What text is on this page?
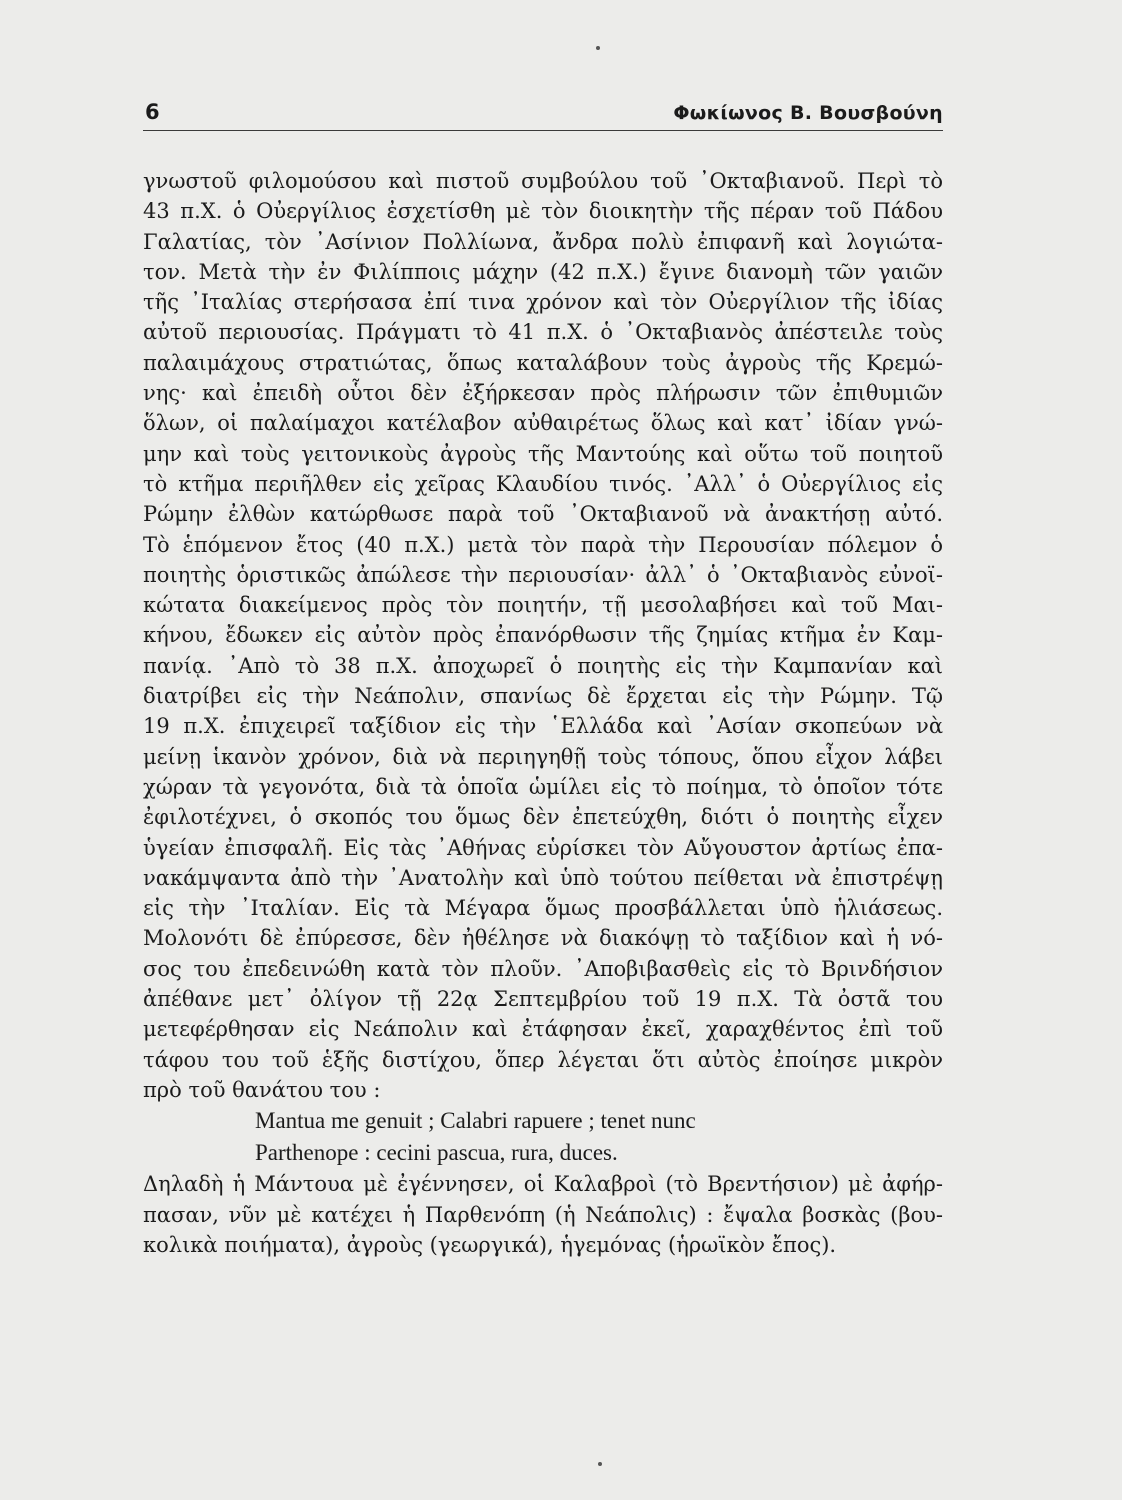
6	Φωκίωνος Β. Βουσβούνη
γνωστοῦ φιλομούσου καὶ πιστοῦ συμβούλου τοῦ ᾿Οκταβιανοῦ. Περὶ τὸ
43 π.Χ. ὁ Οὐεργίλιος ἐσχετίσθη μὲ τὸν διοικητὴν τῆς πέραν τοῦ Πάδου
Γαλατίας, τὸν ᾿Ασίνιον Πολλίωνα, ἄνδρα πολὺ ἐπιφανῆ καὶ λογιώτα-
τον. Μετὰ τὴν ἐν Φιλίπποις μάχην (42 π.Χ.) ἔγινε διανομὴ τῶν γαιῶν
τῆς ᾿Ιταλίας στερήσασα ἐπί τινα χρόνον καὶ τὸν Οὐεργίλιον τῆς ἰδίας
αὐτοῦ περιουσίας. Πράγματι τὸ 41 π.Χ. ὁ ᾿Οκταβιανὸς ἀπέστειλε τοὺς
παλαιμάχους στρατιώτας, ὅπως καταλάβουν τοὺς ἀγροὺς τῆς Κρεμώ-
νης· καὶ ἐπειδὴ οὗτοι δὲν ἐξήρκεσαν πρὸς πλήρωσιν τῶν ἐπιθυμιῶν
ὅλων, οἱ παλαίμαχοι κατέλαβον αὐθαιρέτως ὅλως καὶ κατ᾿ ἰδίαν γνώ-
μην καὶ τοὺς γειτονικοὺς ἀγροὺς τῆς Μαντούης καὶ οὕτω τοῦ ποιητοῦ
τὸ κτῆμα περιῆλθεν εἰς χεῖρας Κλαυδίου τινός. ᾿Αλλ᾿ ὁ Οὐεργίλιος εἰς
Ρώμην ἐλθὼν κατώρθωσε παρὰ τοῦ ᾿Οκταβιανοῦ νὰ ἀνακτήσῃ αὐτό.
Τὸ ἑπόμενον ἔτος (40 π.Χ.) μετὰ τὸν παρὰ τὴν Περουσίαν πόλεμον ὁ
ποιητὴς ὁριστικῶς ἀπώλεσε τὴν περιουσίαν· ἀλλ᾿ ὁ ᾿Οκταβιανὸς εὐνοϊ-
κώτατα διακείμενος πρὸς τὸν ποιητήν, τῇ μεσολαβήσει καὶ τοῦ Μαι-
κήνου, ἔδωκεν εἰς αὐτὸν πρὸς ἐπανόρθωσιν τῆς ζημίας κτῆμα ἐν Καμ-
πανίᾳ. ᾿Απὸ τὸ 38 π.Χ. ἀποχωρεῖ ὁ ποιητὴς εἰς τὴν Καμπανίαν καὶ
διατρίβει εἰς τὴν Νεάπολιν, σπανίως δὲ ἔρχεται εἰς τὴν Ρώμην. Τῷ
19 π.Χ. ἐπιχειρεῖ ταξίδιον εἰς τὴν ῾Ελλάδα καὶ ᾿Ασίαν σκοπεύων νὰ
μείνῃ ἱκανὸν χρόνον, διὰ νὰ περιηγηθῇ τοὺς τόπους, ὅπου εἶχον λάβει
χώραν τὰ γεγονότα, διὰ τὰ ὁποῖα ὡμίλει εἰς τὸ ποίημα, τὸ ὁποῖον τότε
ἐφιλοτέχνει, ὁ σκοπός του ὅμως δὲν ἐπετεύχθη, διότι ὁ ποιητὴς εἶχεν
ὑγείαν ἐπισφαλῆ. Εἰς τὰς ᾿Αθήνας εὑρίσκει τὸν Αὔγουστον ἀρτίως ἐπα-
νακάμψαντα ἀπὸ τὴν ᾿Ανατολὴν καὶ ὑπὸ τούτου πείθεται νὰ ἐπιστρέψῃ
εἰς τὴν ᾿Ιταλίαν. Εἰς τὰ Μέγαρα ὅμως προσβάλλεται ὑπὸ ἡλιάσεως.
Μολονότι δὲ ἐπύρεσσε, δὲν ἠθέλησε νὰ διακόψῃ τὸ ταξίδιον καὶ ἡ νό-
σος του ἐπεδεινώθη κατὰ τὸν πλοῦν. ᾿Αποβιβασθεὶς εἰς τὸ Βρινδήσιον
ἀπέθανε μετ᾿ ὀλίγον τῇ 22ᾳ Σεπτεμβρίου τοῦ 19 π.Χ. Τὰ ὀστᾶ του
μετεφέρθησαν εἰς Νεάπολιν καὶ ἐτάφησαν ἐκεῖ, χαραχθέντος ἐπὶ τοῦ
τάφου του τοῦ ἑξῆς διστίχου, ὅπερ λέγεται ὅτι αὐτὸς ἐποίησε μικρὸν
πρὸ τοῦ θανάτου του :
Mantua me genuit ; Calabri rapuere ; tenet nunc
Parthenope : cecini pascua, rura, duces.
Δηλαδὴ ἡ Μάντουα μὲ ἐγέννησεν, οἱ Καλαβροὶ (τὸ Βρεντήσιον) μὲ ἀφήρ-
πασαν, νῦν μὲ κατέχει ἡ Παρθενόπη (ἡ Νεάπολις) : ἔψαλα βοσκὰς (βου-
κολικὰ ποιήματα), ἀγροὺς (γεωργικά), ἡγεμόνας (ἡρωϊκὸν ἔπος).
